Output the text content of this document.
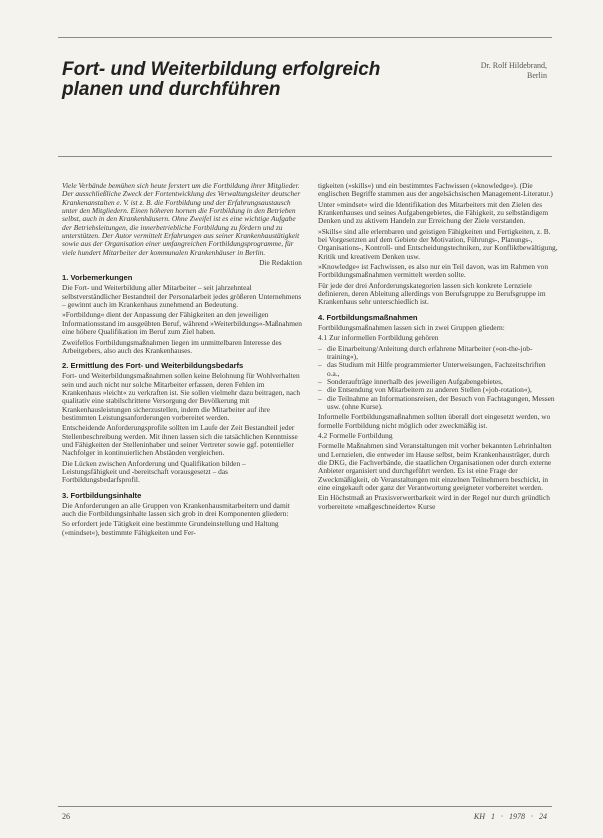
Fort- und Weiterbildung erfolgreich planen und durchführen
Dr. Rolf Hildebrand,
Berlin

Viele Verbände bemühen sich heute ferstert um die Fortbildung ihrer Mitglieder. Der ausschließliche Zweck der Fortentwicklung des Verwaltungsleiter deutscher Krankenanstalten e. V. ist z. B. die Fortbildung und der Erfahrungsaustausch unter den Mitgliedern. Einen höheren hornen die Fortbildung in den Betrieben selbst, auch in den Krankenhäusern. Ohne Zweifel ist es eine wichtige Aufgabe der Betriebsleitungen, die innerbetriebliche Fortbildung zu fördern und zu unterstützen. Der Autor vermittelt Erfahrungen aus seiner Krankenhaustätigkeit sowie aus der Organisation einer umfangreichen Fortbildungsprogramme, für viele hundert Mitarbeiter der kommunalen Krankenhäuser in Berlin.

Die Redaktion

1. Vorbemerkungen

Die Fort- und Weiterbildung aller Mitarbeiter – seit jahrzehnteal selbstverständlicher Bestandteil der Personalarbeit jedes größeren Unternehmens – gewinnt auch im Krankenhaus zunehmend an Bedeutung.

»Fortbildung« dient der Anpassung der Fähigkeiten an den jeweiligen Informationsstand im ausgeübten Beruf, während »Weiterbildungs«-Maßnahmen eine höhere Qualifikation im Beruf zum Ziel haben.

Zweifellos Fortbildungsmaßnahmen liegen im unmittelbaren Interesse des Arbeitgebers, also auch des Krankenhauses.

2. Ermittlung des Fort- und Weiterbildungsbedarfs

Fort- und Weiterbildungsmaßnahmen sollen keine Belohnung für Wohlverhalten sein und auch nicht nur solche Mitarbeiter erfassen, deren Fehlen im Krankenhaus »leicht« zu verkraften ist. Sie sollen vielmehr dazu beitragen, nach qualitativ eine stabilschrittene Versorgung der Bevölkerung mit Krankenhausleistungen sicherzustellen, indem die Mitarbeiter auf ihre bestimmten Leistungsanforderungen vorbereitet werden.

Entscheidende Anforderungsprofile sollten im Laufe der Zeit Bestandteil jeder Stellenbeschreibung werden. Mit ihnen lassen sich die tatsächlichen Kenntnisse und Fähigkeiten der Stelleninhaber und seiner Vertreter sowie ggf. potentieller Nachfolger in kontinuierlichen Abständen vergleichen.

Die Lücken zwischen Anforderung und Qualifikation bilden – Leistungsfähigkeit und -bereitschaft vorausgesetzt – das Fortbildungsbedarfsprofil.

3. Fortbildungsinhalte

Die Anforderungen an alle Gruppen von Krankenhausmitarbeitern und damit auch die Fortbildungsinhalte lassen sich grob in drei Komponenten gliedern:

So erfordert jede Tätigkeit eine bestimmte Grundeinstellung und Haltung (»mindset«), bestimmte Fähigkeiten und Fer-

tigkeiten (»skills«) und ein bestimmtes Fachwissen (»knowledge«). (Die englischen Begriffe stammen aus der angelsächsischen Management-Literatur.)

Unter »mindset« wird die Identifikation des Mitarbeiters mit den Zielen des Krankenhauses und seines Aufgabengebietes, die Fähigkeit, zu selbständigem Denken und zu aktivem Handeln zur Erreichung der Ziele verstanden.

»Skills« sind alle erlernbaren und geistigen Fähigkeiten und Fertigkeiten, z. B. bei Vorgesetzten auf dem Gebiete der Motivation, Führungs-, Planungs-, Organisations-, Kontroll- und Entscheidungstechniken, zur Konfliktbewältigung, Kritik und kreativem Denken usw.

»Knowledge« ist Fachwissen, es also nur ein Teil davon, was im Rahmen von Fortbildungsmaßnahmen vermittelt werden sollte.

Für jede der drei Anforderungskategorien lassen sich konkrete Lernziele definieren, deren Ableitung allerdings von Berufsgruppe zu Berufsgruppe im Krankenhaus sehr unterschiedlich ist.

4. Fortbildungsmaßnahmen

Fortbildungsmaßnahmen lassen sich in zwei Gruppen gliedern:

4.1 Zur informellen Fortbildung gehören

– die Einarbeitung/Anleitung durch erfahrene Mitarbeiter (»on-the-job-training«),
– das Studium mit Hilfe programmierter Unterweisungen, Fachzeitschriften o.a.,
– Sonderaufträge innerhalb des jeweiligen Aufgabengebietes,
– die Entsendung von Mitarbeitern zu anderen Stellen (»job-rotation«),
– die Teilnahme an Informationsreisen, der Besuch von Fachtagungen, Messen usw. (ohne Kurse).

Informelle Fortbildungsmaßnahmen sollten überall dort eingesetzt werden, wo formelle Fortbildung nicht möglich oder zweckmäßig ist.

4.2 Formelle Fortbildung

Formelle Maßnahmen sind Veranstaltungen mit vorher bekannten Lehrinhalten und Lernzielen, die entweder im Hause selbst, beim Krankenhausträger, durch die DKG, die Fachverbände, die staatlichen Organisationen oder durch externe Anbieter organisiert und durchgeführt werden. Es ist eine Frage der Zweckmäßigkeit, ob Veranstaltungen mit einzelnen Teilnehmern beschickt, in eine eingekauft oder ganz der Verantwortung geeigneter vorbereitet werden.

Ein Höchstmaß an Praxisverwertbarkeit wird in der Regel nur durch gründlich vorbereitete »maßgeschneiderte« Kurse

26	KH 1 · 1978 · 24
